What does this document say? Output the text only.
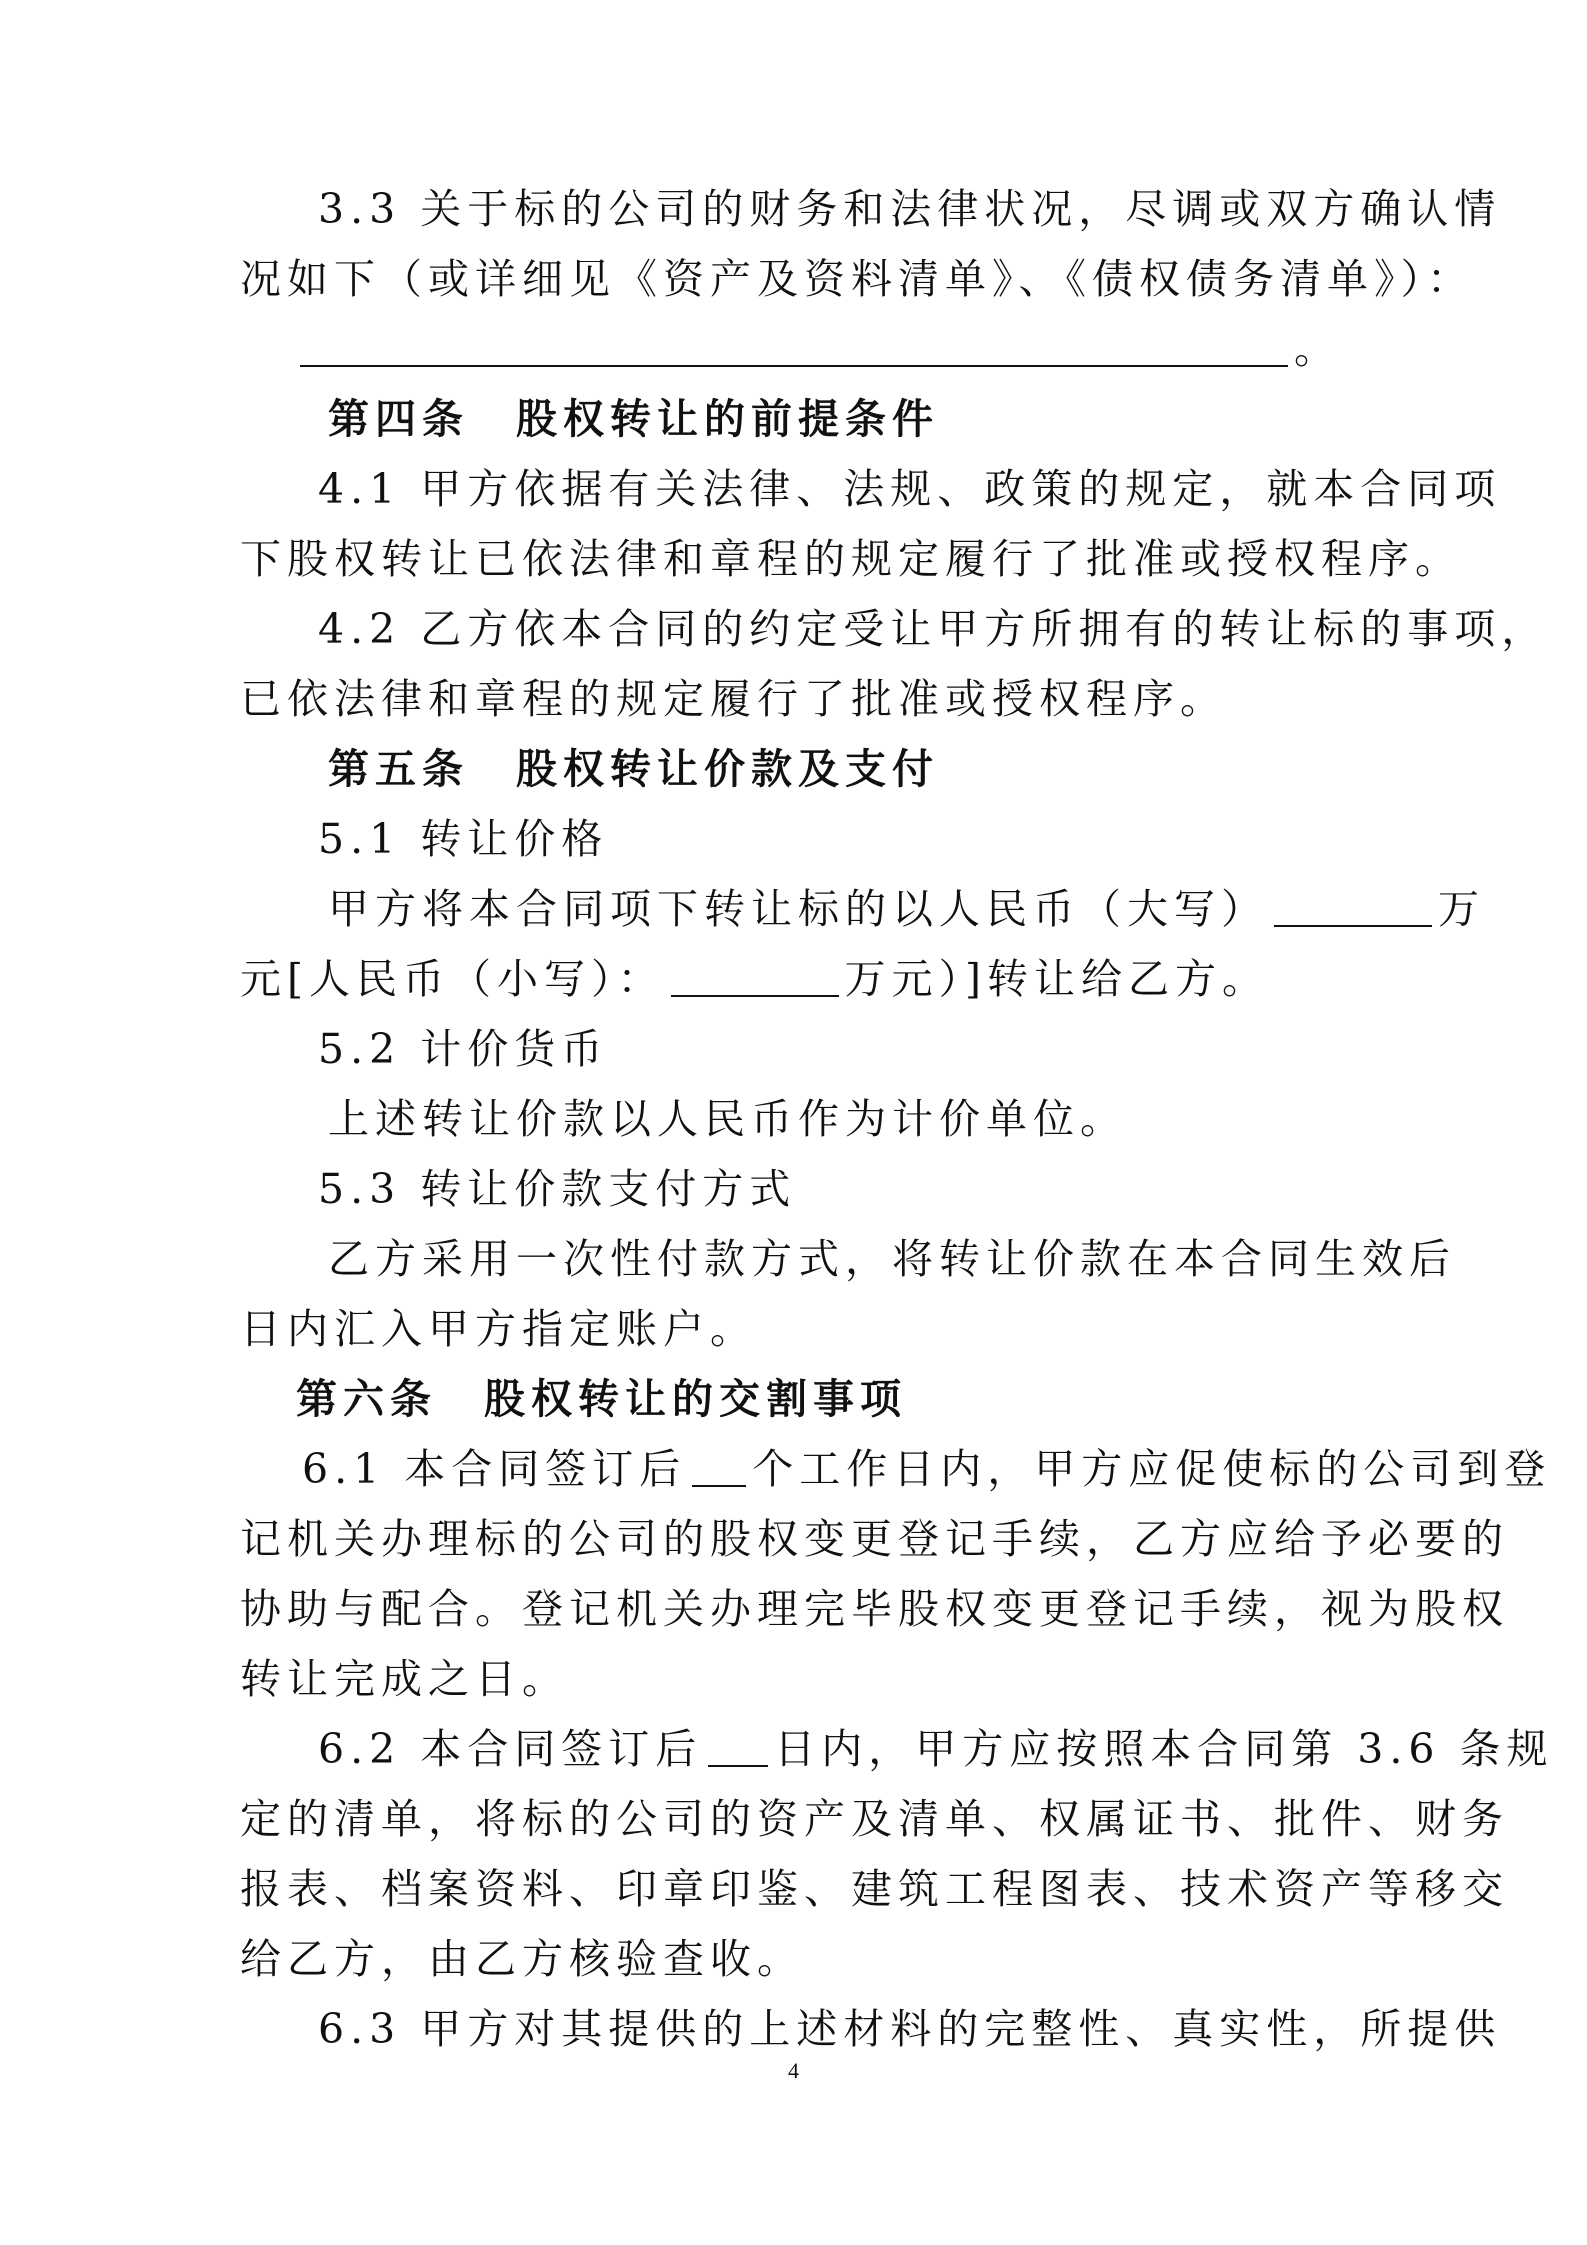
3.3 关于标的公司的财务和法律状况，尽调或双方确认情
况如下（或详细见《资产及资料清单》、《债权债务清单》）：
。
第四条　股权转让的前提条件
4.1 甲方依据有关法律、法规、政策的规定，就本合同项
下股权转让已依法律和章程的规定履行了批准或授权程序。
4.2 乙方依本合同的约定受让甲方所拥有的转让标的事项，
已依法律和章程的规定履行了批准或授权程序。
第五条　股权转让价款及支付
5.1 转让价格
甲方将本合同项下转让标的以人民币（大写）	万
元[人民币（小写）：	万元）]转让给乙方。
5.2 计价货币
上述转让价款以人民币作为计价单位。
5.3 转让价款支付方式
乙方采用一次性付款方式，将转让价款在本合同生效后
日内汇入甲方指定账户。
第六条　股权转让的交割事项
6.1 本合同签订后 个工作日内，甲方应促使标的公司到登
记机关办理标的公司的股权变更登记手续，乙方应给予必要的
协助与配合。登记机关办理完毕股权变更登记手续，视为股权
转让完成之日。
6.2 本合同签订后 日内，甲方应按照本合同第 3.6 条规
定的清单，将标的公司的资产及清单、权属证书、批件、财务
报表、档案资料、印章印鉴、建筑工程图表、技术资产等移交
给乙方，由乙方核验查收。
6.3 甲方对其提供的上述材料的完整性、真实性，所提供
4
